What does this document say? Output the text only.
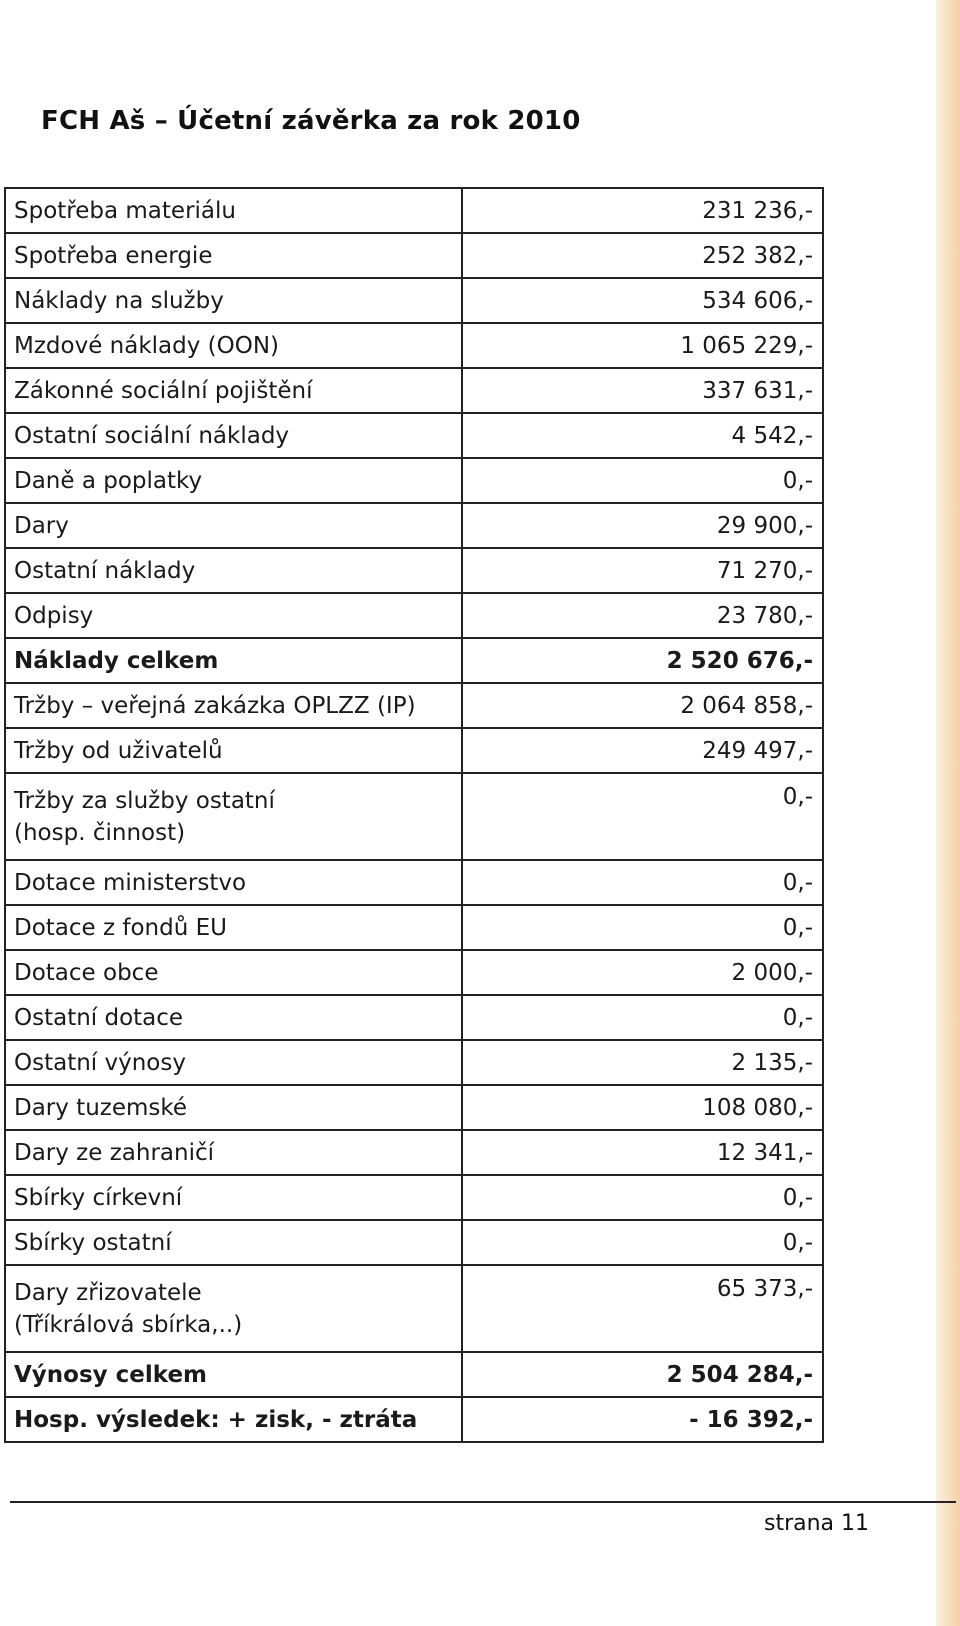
FCH Aš – Účetní závěrka za rok 2010
Spotřeba materiálu	231 236,-
Spotřeba energie	252 382,-
Náklady na služby	534 606,-
Mzdové náklady (OON)	1 065 229,-
Zákonné sociální pojištění	337 631,-
Ostatní sociální náklady	4 542,-
Daně a poplatky	0,-
Dary	29 900,-
Ostatní náklady	71 270,-
Odpisy	23 780,-
Náklady celkem	2 520 676,-
Tržby – veřejná zakázka OPLZZ (IP)	2 064 858,-
Tržby od uživatelů	249 497,-

Tržby za služby ostatní
(hosp. činnost)	0,-
Dotace ministerstvo	0,-
Dotace z fondů EU	0,-
Dotace obce	2 000,-
Ostatní dotace	0,-
Ostatní výnosy	2 135,-
Dary tuzemské	108 080,-
Dary ze zahraničí	12 341,-
Sbírky církevní	0,-
Sbírky ostatní	0,-

Dary zřizovatele
(Tříkrálová sbírka,..)	65 373,-
Výnosy celkem	2 504 284,-
Hosp. výsledek: + zisk, - ztráta	- 16 392,-
strana 11
